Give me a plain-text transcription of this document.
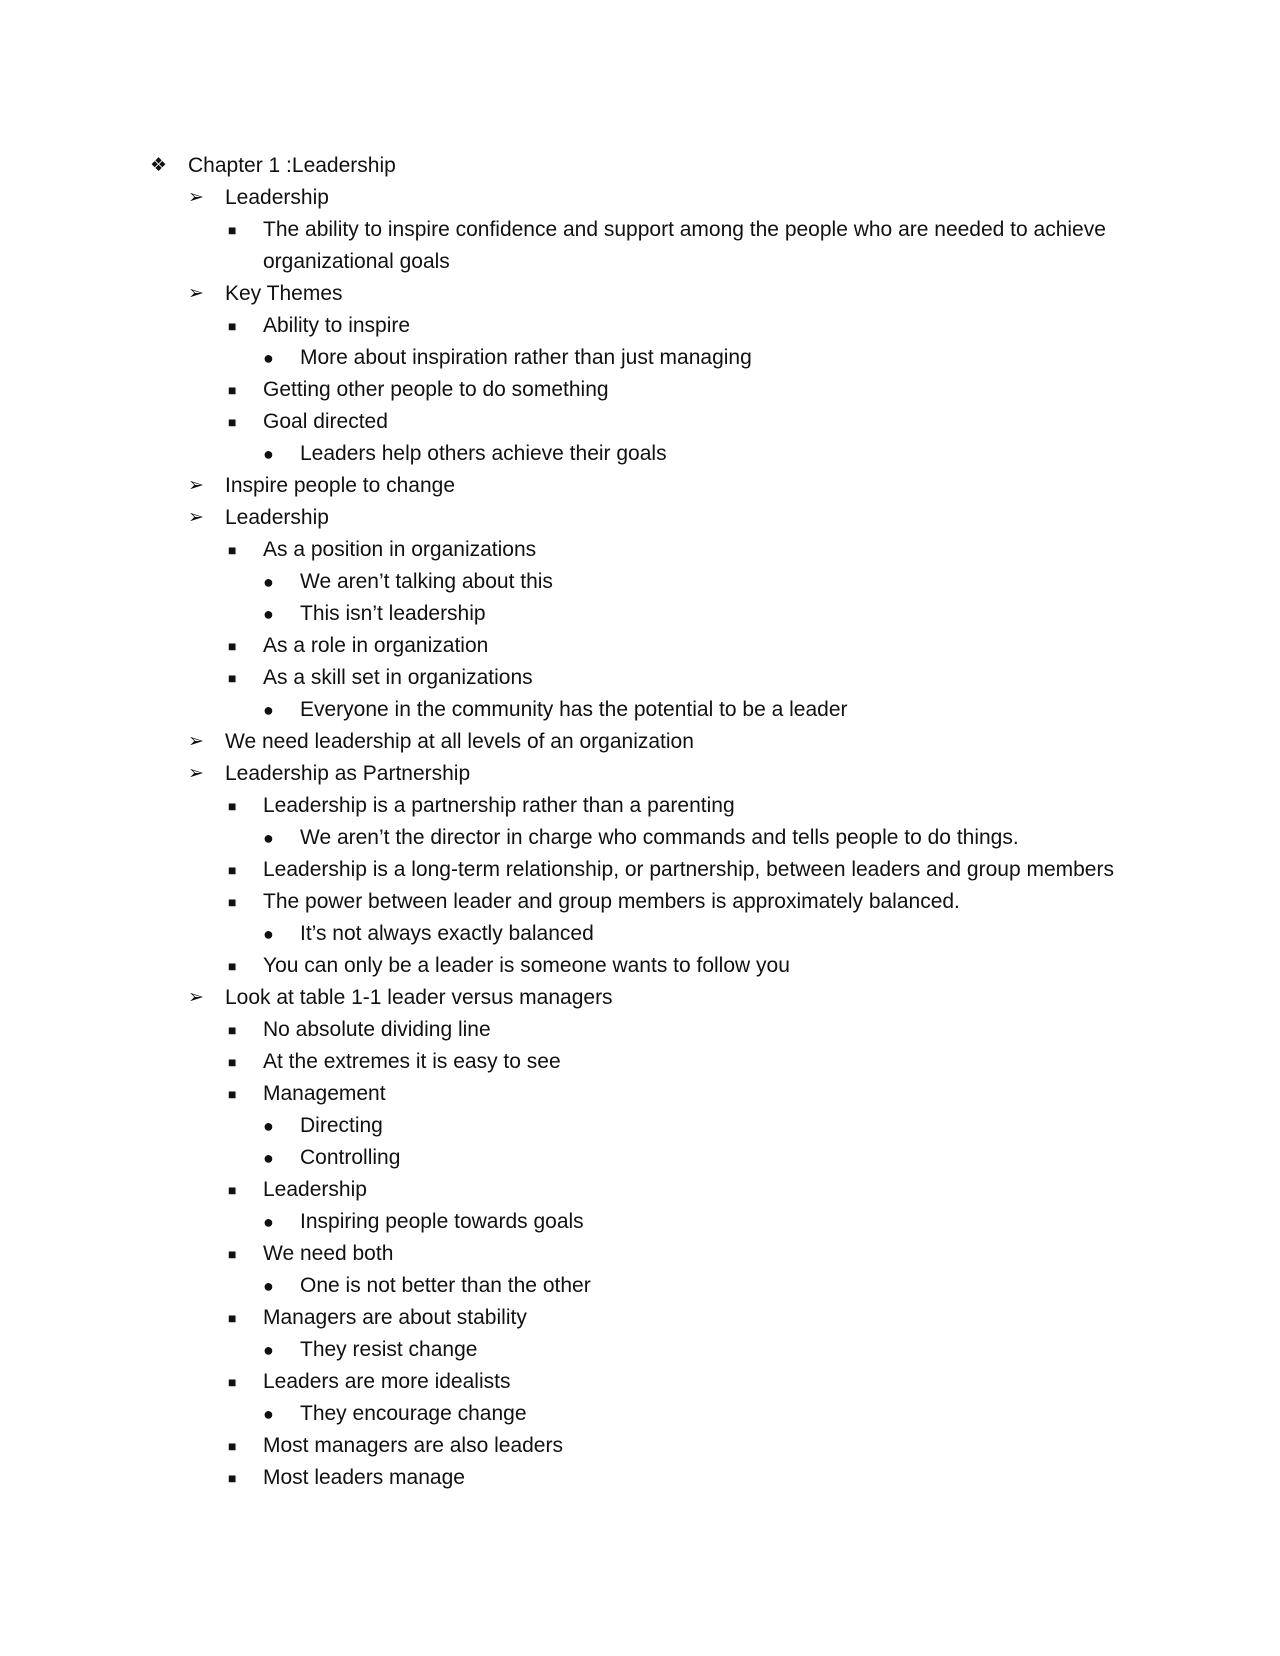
❖ Chapter 1 :Leadership
➢	Leadership
■	The ability to inspire confidence and support among the people who are needed to achieve organizational goals
➢	Key Themes
■	Ability to inspire
●	More about inspiration rather than just managing
■	Getting other people to do something
■	Goal directed
●	Leaders help others achieve their goals
➢	Inspire people to change
➢	Leadership
■	As a position in organizations
●	We aren’t talking about this
●	This isn’t leadership
■	As a role in organization
■	As a skill set in organizations
●	Everyone in the community has the potential to be a leader
➢	We need leadership at all levels of an organization
➢	Leadership as Partnership
■	Leadership is a partnership rather than a parenting
●	We aren’t the director in charge who commands and tells people to do things.
■	Leadership is a long-term relationship, or partnership, between leaders and group members
■	The power between leader and group members is approximately balanced.
●	It’s not always exactly balanced
■	You can only be a leader is someone wants to follow you
➢	Look at table 1-1 leader versus managers
■	No absolute dividing line
■	At the extremes it is easy to see
■	Management
●	Directing
●	Controlling
■	Leadership
●	Inspiring people towards goals
■	We need both
●	One is not better than the other
■	Managers are about stability
●	They resist change
■	Leaders are more idealists
●	They encourage change
■	Most managers are also leaders
■	Most leaders manage
